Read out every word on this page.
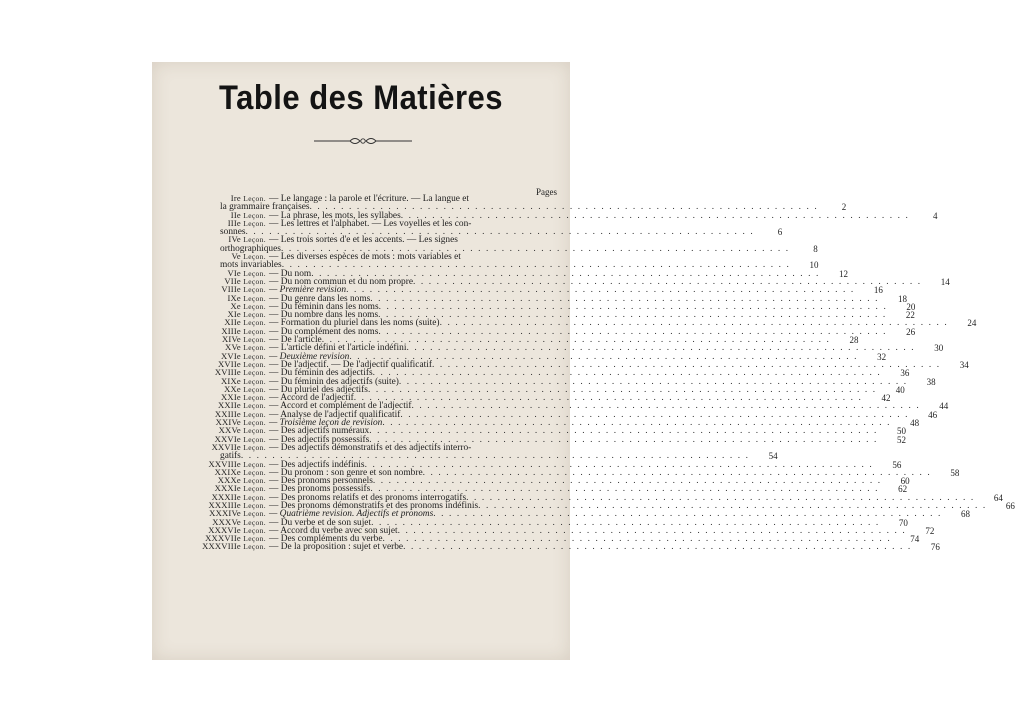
Table des Matières
Pages
Ire Leçon. — Le langage : la parole et l'écriture. — La langue et
la grammaire françaises . . . . . . . . . . . . . . . . . . . . . . . . . . . . . . . . . . . . . . . . . . . . . . . . . . . . . . . . . . . . . . . . .	2
IIe Leçon. — La phrase, les mots, les syllabes . . . . . . . . . . . . . . . . . . . . . . . . . . . . . . . . . . . . . . . . . . . . . . . . . . . . . . . . . . . . . . . . .	4
IIIe Leçon. — Les lettres et l'alphabet. — Les voyelles et les con-
sonnes . . . . . . . . . . . . . . . . . . . . . . . . . . . . . . . . . . . . . . . . . . . . . . . . . . . . . . . . . . . . . . . . .	6
IVe Leçon. — Les trois sortes d'e et les accents. — Les signes
orthographiques . . . . . . . . . . . . . . . . . . . . . . . . . . . . . . . . . . . . . . . . . . . . . . . . . . . . . . . . . . . . . . . . .	8
Ve Leçon. — Les diverses espèces de mots : mots variables et
mots invariables . . . . . . . . . . . . . . . . . . . . . . . . . . . . . . . . . . . . . . . . . . . . . . . . . . . . . . . . . . . . . . . . .	10
VIe Leçon. — Du nom . . . . . . . . . . . . . . . . . . . . . . . . . . . . . . . . . . . . . . . . . . . . . . . . . . . . . . . . . . . . . . . . .	12
VIIe Leçon. — Du nom commun et du nom propre . . . . . . . . . . . . . . . . . . . . . . . . . . . . . . . . . . . . . . . . . . . . . . . . . . . . . . . . . . . . . . . . .	14
VIIIe Leçon. — Première revision . . . . . . . . . . . . . . . . . . . . . . . . . . . . . . . . . . . . . . . . . . . . . . . . . . . . . . . . . . . . . . . . .	16
IXe Leçon. — Du genre dans les noms . . . . . . . . . . . . . . . . . . . . . . . . . . . . . . . . . . . . . . . . . . . . . . . . . . . . . . . . . . . . . . . . .	18
Xe Leçon. — Du féminin dans les noms . . . . . . . . . . . . . . . . . . . . . . . . . . . . . . . . . . . . . . . . . . . . . . . . . . . . . . . . . . . . . . . . .	20
XIe Leçon. — Du nombre dans les noms . . . . . . . . . . . . . . . . . . . . . . . . . . . . . . . . . . . . . . . . . . . . . . . . . . . . . . . . . . . . . . . . .	22
XIIe Leçon. — Formation du pluriel dans les noms (suite) . . . . . . . . . . . . . . . . . . . . . . . . . . . . . . . . . . . . . . . . . . . . . . . . . . . . . . . . . . . . . . . . .	24
XIIIe Leçon. — Du complément des noms . . . . . . . . . . . . . . . . . . . . . . . . . . . . . . . . . . . . . . . . . . . . . . . . . . . . . . . . . . . . . . . . .	26
XIVe Leçon. — De l'article . . . . . . . . . . . . . . . . . . . . . . . . . . . . . . . . . . . . . . . . . . . . . . . . . . . . . . . . . . . . . . . . .	28
XVe Leçon. — L'article défini et l'article indéfini . . . . . . . . . . . . . . . . . . . . . . . . . . . . . . . . . . . . . . . . . . . . . . . . . . . . . . . . . . . . . . . . .	30
XVIe Leçon. — Deuxième revision . . . . . . . . . . . . . . . . . . . . . . . . . . . . . . . . . . . . . . . . . . . . . . . . . . . . . . . . . . . . . . . . .	32
XVIIe Leçon. — De l'adjectif. — De l'adjectif qualificatif . . . . . . . . . . . . . . . . . . . . . . . . . . . . . . . . . . . . . . . . . . . . . . . . . . . . . . . . . . . . . . . . .	34
XVIIIe Leçon. — Du féminin des adjectifs . . . . . . . . . . . . . . . . . . . . . . . . . . . . . . . . . . . . . . . . . . . . . . . . . . . . . . . . . . . . . . . . .	36
XIXe Leçon. — Du féminin des adjectifs (suite) . . . . . . . . . . . . . . . . . . . . . . . . . . . . . . . . . . . . . . . . . . . . . . . . . . . . . . . . . . . . . . . . .	38
XXe Leçon. — Du pluriel des adjectifs . . . . . . . . . . . . . . . . . . . . . . . . . . . . . . . . . . . . . . . . . . . . . . . . . . . . . . . . . . . . . . . . .	40
XXIe Leçon. — Accord de l'adjectif . . . . . . . . . . . . . . . . . . . . . . . . . . . . . . . . . . . . . . . . . . . . . . . . . . . . . . . . . . . . . . . . .	42
XXIIe Leçon. — Accord et complément de l'adjectif . . . . . . . . . . . . . . . . . . . . . . . . . . . . . . . . . . . . . . . . . . . . . . . . . . . . . . . . . . . . . . . . .	44
XXIIIe Leçon. — Analyse de l'adjectif qualificatif . . . . . . . . . . . . . . . . . . . . . . . . . . . . . . . . . . . . . . . . . . . . . . . . . . . . . . . . . . . . . . . . .	46
XXIVe Leçon. — Troisième leçon de revision . . . . . . . . . . . . . . . . . . . . . . . . . . . . . . . . . . . . . . . . . . . . . . . . . . . . . . . . . . . . . . . . .	48
XXVe Leçon. — Des adjectifs numéraux . . . . . . . . . . . . . . . . . . . . . . . . . . . . . . . . . . . . . . . . . . . . . . . . . . . . . . . . . . . . . . . . .	50
XXVIe Leçon. — Des adjectifs possessifs . . . . . . . . . . . . . . . . . . . . . . . . . . . . . . . . . . . . . . . . . . . . . . . . . . . . . . . . . . . . . . . . .	52
XXVIIe Leçon. — Des adjectifs démonstratifs et des adjectifs interro-
gatifs . . . . . . . . . . . . . . . . . . . . . . . . . . . . . . . . . . . . . . . . . . . . . . . . . . . . . . . . . . . . . . . . .	54
XXVIIIe Leçon. — Des adjectifs indéfinis . . . . . . . . . . . . . . . . . . . . . . . . . . . . . . . . . . . . . . . . . . . . . . . . . . . . . . . . . . . . . . . . .	56
XXIXe Leçon. — Du pronom : son genre et son nombre . . . . . . . . . . . . . . . . . . . . . . . . . . . . . . . . . . . . . . . . . . . . . . . . . . . . . . . . . . . . . . . . .	58
XXXe Leçon. — Des pronoms personnels . . . . . . . . . . . . . . . . . . . . . . . . . . . . . . . . . . . . . . . . . . . . . . . . . . . . . . . . . . . . . . . . .	60
XXXIe Leçon. — Des pronoms possessifs . . . . . . . . . . . . . . . . . . . . . . . . . . . . . . . . . . . . . . . . . . . . . . . . . . . . . . . . . . . . . . . . .	62
XXXIIe Leçon. — Des pronoms relatifs et des pronoms interrogatifs . . . . . . . . . . . . . . . . . . . . . . . . . . . . . . . . . . . . . . . . . . . . . . . . . . . . . . . . . . . . . . . . .	64
XXXIIIe Leçon. — Des pronoms démonstratifs et des pronoms indéfinis . . . . . . . . . . . . . . . . . . . . . . . . . . . . . . . . . . . . . . . . . . . . . . . . . . . . . . . . . . . . . . . . .	66
XXXIVe Leçon. — Quatrième revision. Adjectifs et pronoms . . . . . . . . . . . . . . . . . . . . . . . . . . . . . . . . . . . . . . . . . . . . . . . . . . . . . . . . . . . . . . . . .	68
XXXVe Leçon. — Du verbe et de son sujet . . . . . . . . . . . . . . . . . . . . . . . . . . . . . . . . . . . . . . . . . . . . . . . . . . . . . . . . . . . . . . . . .	70
XXXVIe Leçon. — Accord du verbe avec son sujet . . . . . . . . . . . . . . . . . . . . . . . . . . . . . . . . . . . . . . . . . . . . . . . . . . . . . . . . . . . . . . . . .	72
XXXVIIe Leçon. — Des compléments du verbe . . . . . . . . . . . . . . . . . . . . . . . . . . . . . . . . . . . . . . . . . . . . . . . . . . . . . . . . . . . . . . . . .	74
XXXVIIIe Leçon. — De la proposition : sujet et verbe . . . . . . . . . . . . . . . . . . . . . . . . . . . . . . . . . . . . . . . . . . . . . . . . . . . . . . . . . . . . . . . . .	76
